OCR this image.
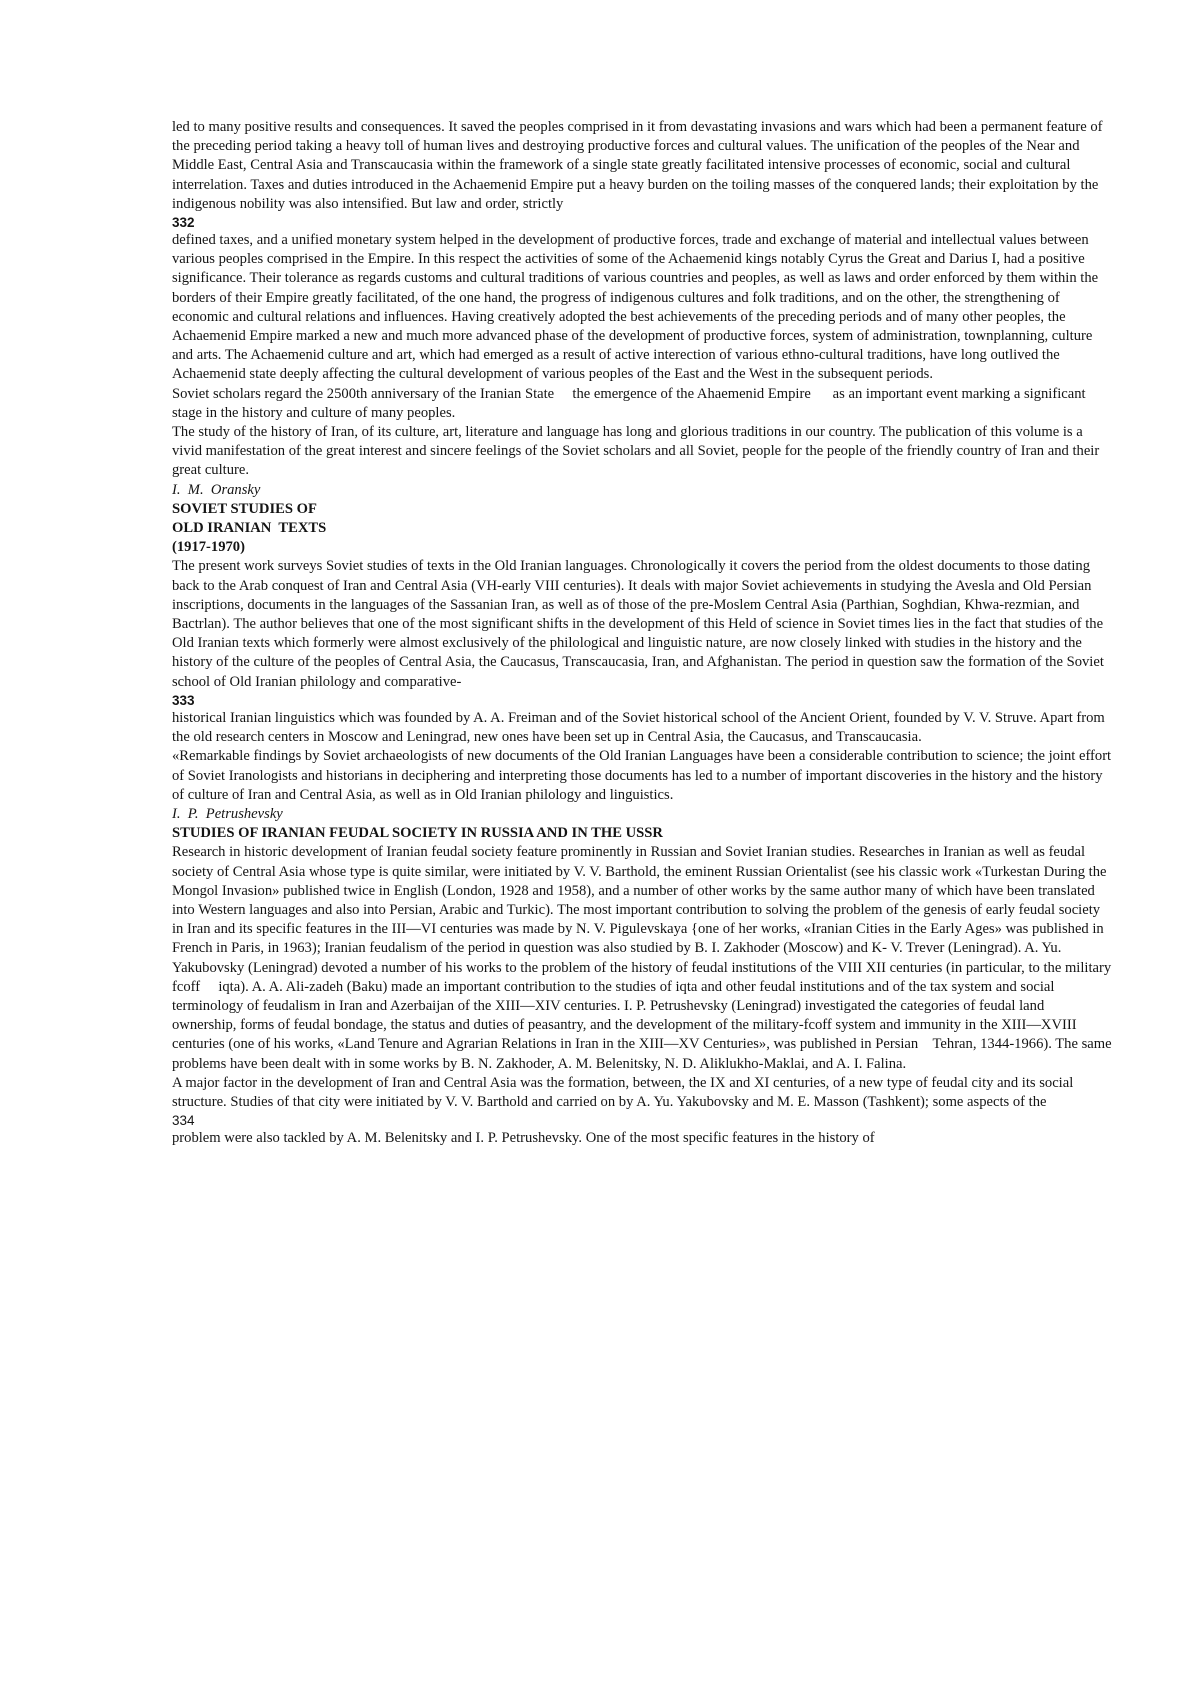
led to many positive results and consequences. It saved the peoples comprised in it from devastating invasions and wars which had been a permanent feature of the preceding period taking a heavy toll of human lives and destroying productive forces and cultural values. The unification of the peoples of the Near and Middle East, Central Asia and Transcaucasia within the framework of a single state greatly facilitated intensive processes of economic, social and cultural interrelation. Taxes and duties introduced in the Achaemenid Empire put a heavy burden on the toiling masses of the conquered lands; their exploitation by the indigenous nobility was also intensified. But law and order, strictly

332

defined taxes, and a unified monetary system helped in the development of productive forces, trade and exchange of material and intellectual values between various peoples comprised in the Empire. In this respect the activities of some of the Achaemenid kings notably Cyrus the Great and Darius I, had a positive significance. Their tolerance as regards customs and cultural traditions of various countries and peoples, as well as laws and order enforced by them within the borders of their Empire greatly facilitated, of the one hand, the progress of indigenous cultures and folk traditions, and on the other, the strengthening of economic and cultural relations and influences. Having creatively adopted the best achievements of the preceding periods and of many other peoples, the Achaemenid Empire marked a new and much more advanced phase of the development of productive forces, system of administration, townplanning, culture and arts. The Achaemenid culture and art, which had emerged as a result of active interection of various ethno-cultural traditions, have long outlived the Achaemenid state deeply affecting the cultural development of various peoples of the East and the West in the subsequent periods.

Soviet scholars regard the 2500th anniversary of the Iranian State     the emergence of the Ahaemenid Empire      as an important event marking a significant stage in the history and culture of many peoples.

The study of the history of Iran, of its culture, art, literature and language has long and glorious traditions in our country. The publication of this volume is a vivid manifestation of the great interest and sincere feelings of the Soviet scholars and all Soviet, people for the people of the friendly country of Iran and their great culture.

I.  M.  Oransky

SOVIET STUDIES OF
OLD IRANIAN  TEXTS
(1917-1970)

The present work surveys Soviet studies of texts in the Old Iranian languages. Chronologically it covers the period from the oldest documents to those dating back to the Arab conquest of Iran and Central Asia (VH-early VIII centuries). It deals with major Soviet achievements in studying the Avesla and Old Persian inscriptions, documents in the languages of the Sassanian Iran, as well as of those of the pre-Moslem Central Asia (Parthian, Soghdian, Khwa-rezmian, and Bactrlan). The author believes that one of the most significant shifts in the development of this Held of science in Soviet times lies in the fact that studies of the Old Iranian texts which formerly were almost exclusively of the philological and linguistic nature, are now closely linked with studies in the history and the history of the culture of the peoples of Central Asia, the Caucasus, Transcaucasia, Iran, and Afghanistan. The period in question saw the formation of the Soviet school of Old Iranian philology and comparative-

333

historical Iranian linguistics which was founded by A. A. Freiman and of the Soviet historical school of the Ancient Orient, founded by V. V. Struve. Apart from the old research centers in Moscow and Leningrad, new ones have been set up in Central Asia, the Caucasus, and Transcaucasia.

«Remarkable findings by Soviet archaeologists of new documents of the Old Iranian Languages have been a considerable contribution to science; the joint effort of Soviet Iranologists and historians in deciphering and interpreting those documents has led to a number of important discoveries in the history and the history of culture of Iran and Central Asia, as well as in Old Iranian philology and linguistics.

I.  P.  Petrushevsky

STUDIES OF IRANIAN FEUDAL SOCIETY IN RUSSIA AND IN THE USSR

Research in historic development of Iranian feudal society feature prominently in Russian and Soviet Iranian studies. Researches in Iranian as well as feudal society of Central Asia whose type is quite similar, were initiated by V. V. Barthold, the eminent Russian Orientalist (see his classic work «Turkestan During the Mongol Invasion» published twice in English (London, 1928 and 1958), and a number of other works by the same author many of which have been translated into Western languages and also into Persian, Arabic and Turkic). The most important contribution to solving the problem of the genesis of early feudal society in Iran and its specific features in the III—VI centuries was made by N. V. Pigulevskaya {one of her works, «Iranian Cities in the Early Ages» was published in French in Paris, in 1963); Iranian feudalism of the period in question was also studied by B. I. Zakhoder (Moscow) and K- V. Trever (Leningrad). A. Yu. Yakubovsky (Leningrad) devoted a number of his works to the problem of the history of feudal institutions of the VIII XII centuries (in particular, to the military fcoff     iqta). A. A. Ali-zadeh (Baku) made an important contribution to the studies of iqta and other feudal institutions and of the tax system and social terminology of feudalism in Iran and Azerbaijan of the XIII—XIV centuries. I. P. Petrushevsky (Leningrad) investigated the categories of feudal land ownership, forms of feudal bondage, the status and duties of peasantry, and the development of the military-fcoff system and immunity in the XIII—XVIII centuries (one of his works, «Land Tenure and Agrarian Relations in Iran in the XIII—XV Centuries», was published in Persian    Tehran, 1344-1966). The same problems have been dealt with in some works by B. N. Zakhoder, A. M. Belenitsky, N. D. Aliklukho-Maklai, and A. I. Falina.

A major factor in the development of Iran and Central Asia was the formation, between, the IX and XI centuries, of a new type of feudal city and its social structure. Studies of that city were initiated by V. V. Barthold and carried on by A. Yu. Yakubovsky and M. E. Masson (Tashkent); some aspects of the

334

problem were also tackled by A. M. Belenitsky and I. P. Petrushevsky. One of the most specific features in the history of
